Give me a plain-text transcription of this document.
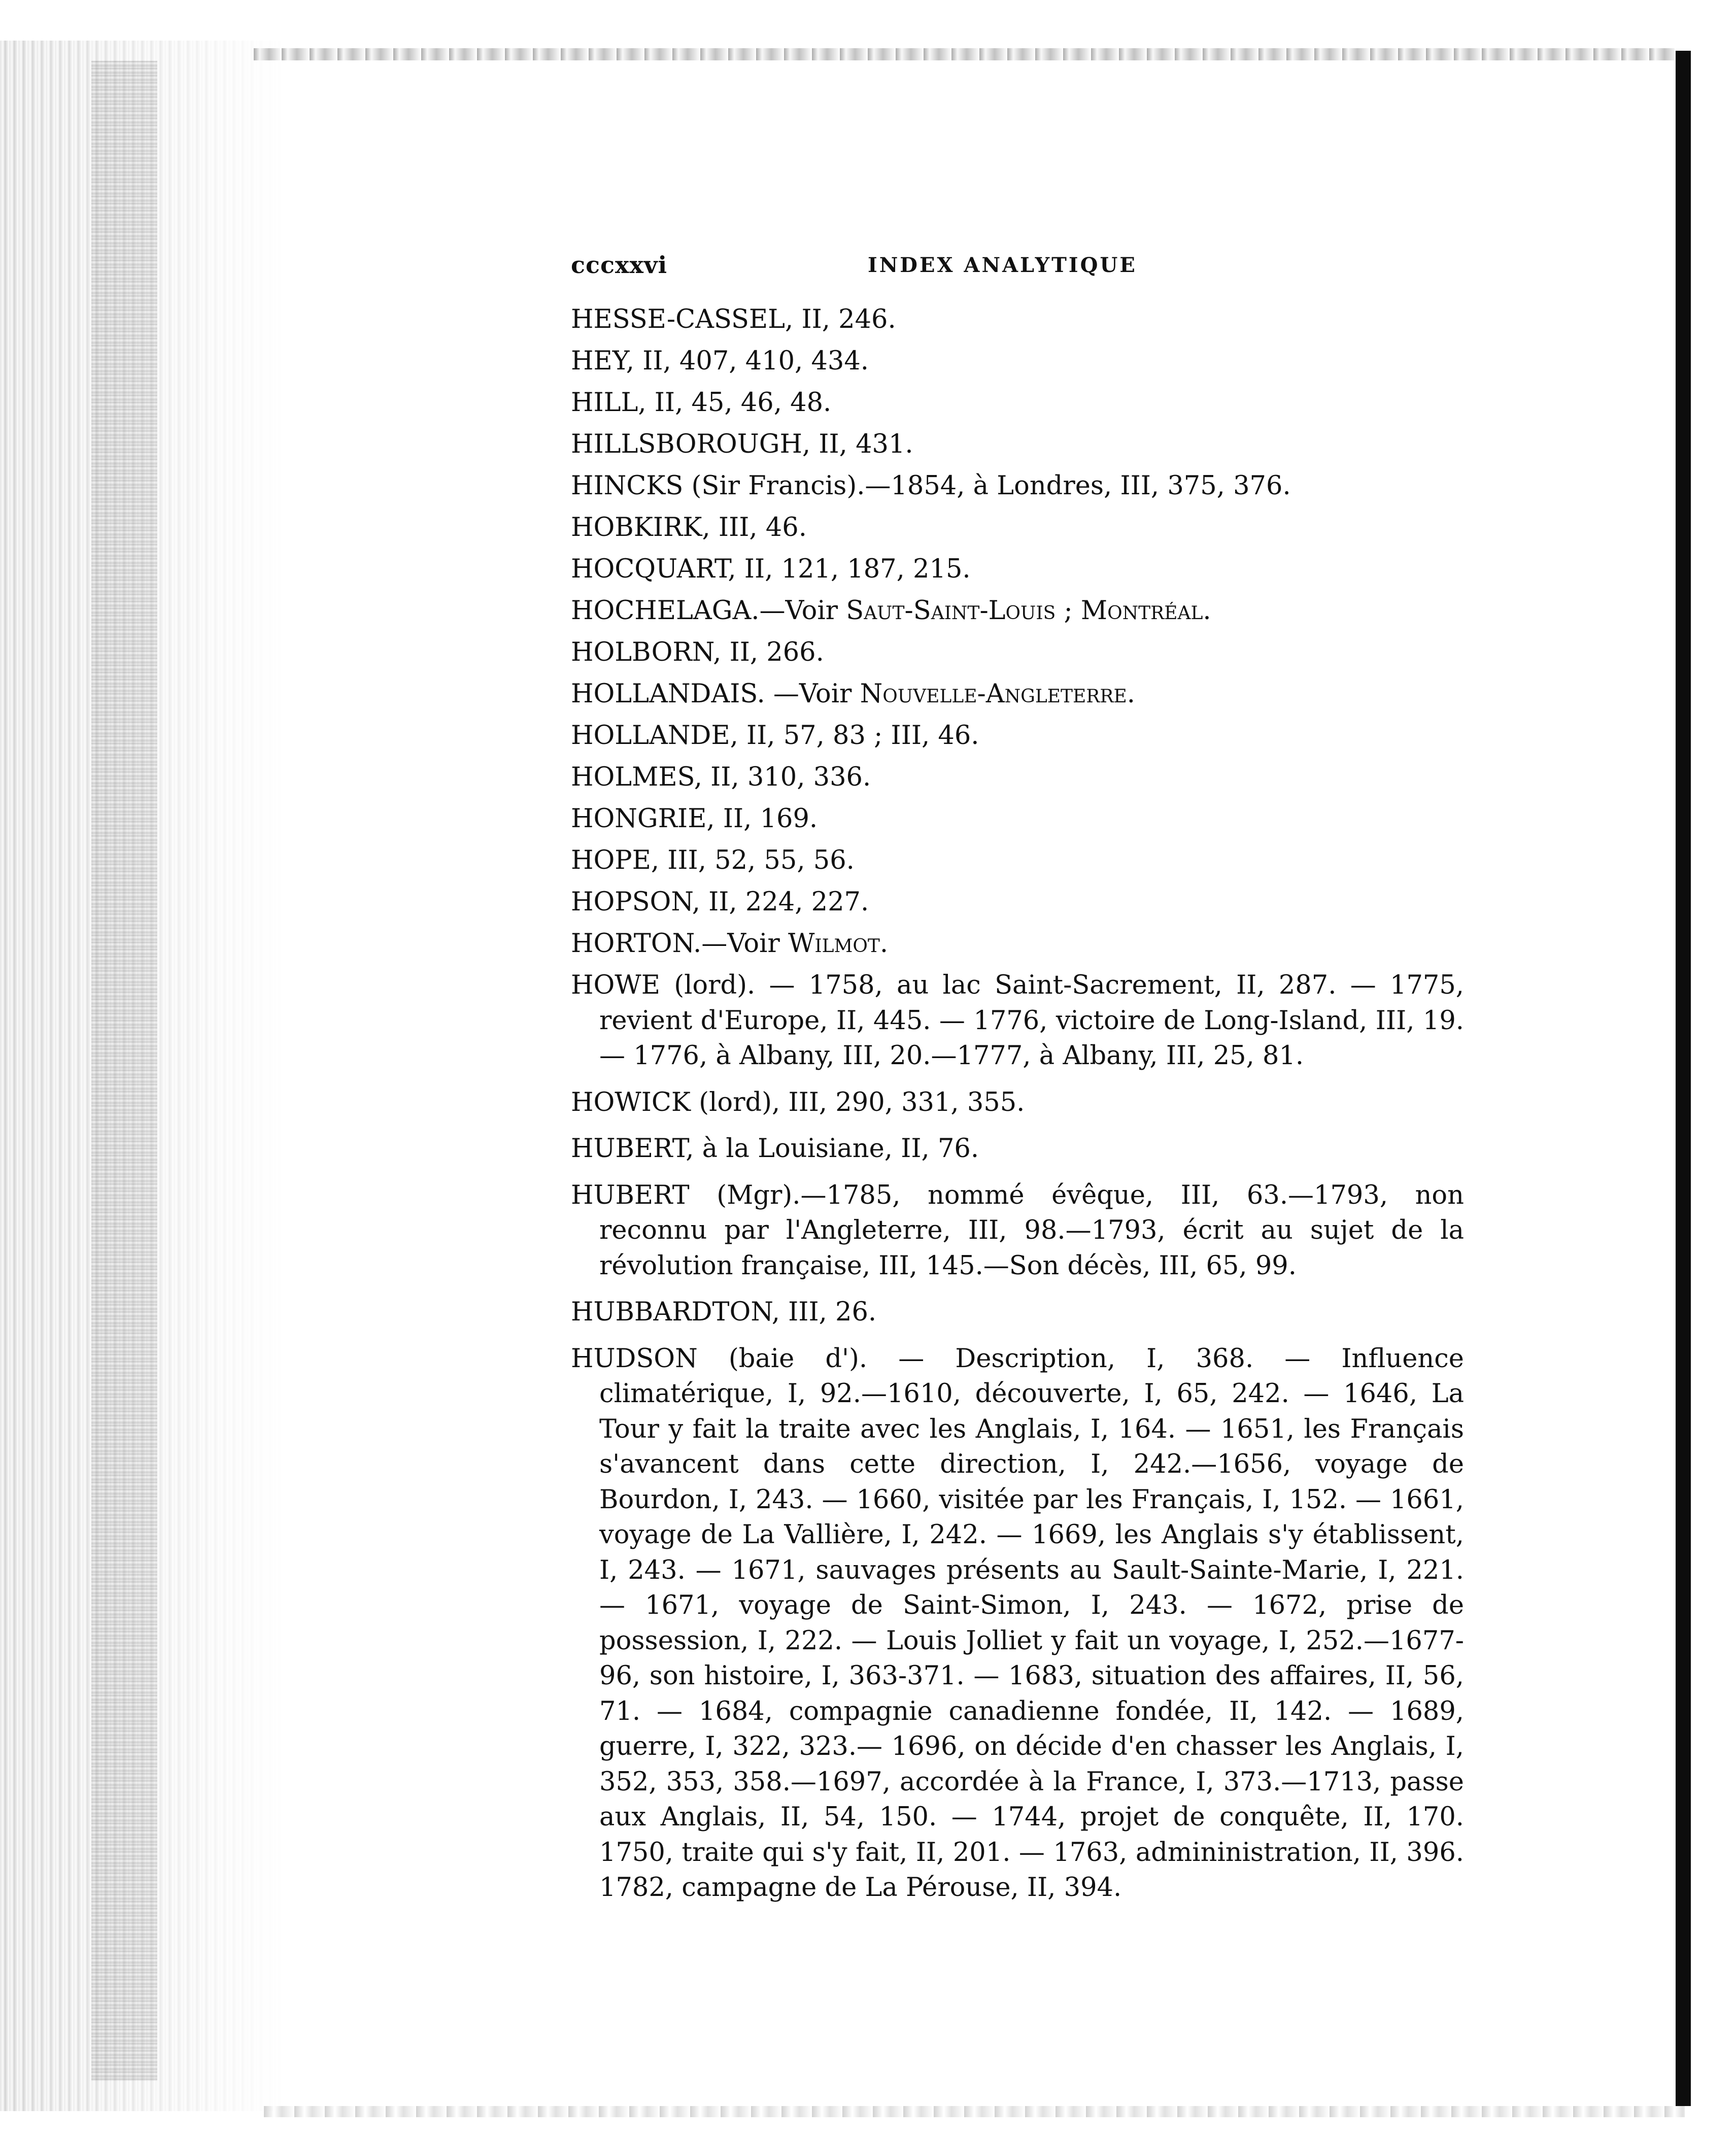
cccxxvi	INDEX ANALYTIQUE

HESSE-CASSEL, II, 246.

HEY, II, 407, 410, 434.

HILL, II, 45, 46, 48.

HILLSBOROUGH, II, 431.

HINCKS (Sir Francis).—1854, à Londres, III, 375, 376.

HOBKIRK, III, 46.

HOCQUART, II, 121, 187, 215.

HOCHELAGA.—Voir Saut-Saint-Louis ; Montréal.

HOLBORN, II, 266.

HOLLANDAIS. —Voir Nouvelle-Angleterre.

HOLLANDE, II, 57, 83 ; III, 46.

HOLMES, II, 310, 336.

HONGRIE, II, 169.

HOPE, III, 52, 55, 56.

HOPSON, II, 224, 227.

HORTON.—Voir Wilmot.

HOWE (lord). — 1758, au lac Saint-Sacrement, II, 287. — 1775, revient d'Europe, II, 445. — 1776, victoire de Long-Island, III, 19. — 1776, à Albany, III, 20.—1777, à Albany, III, 25, 81.

HOWICK (lord), III, 290, 331, 355.

HUBERT, à la Louisiane, II, 76.

HUBERT (Mgr).—1785, nommé évêque, III, 63.—1793, non reconnu par l'Angleterre, III, 98.—1793, écrit au sujet de la révolution française, III, 145.—Son décès, III, 65, 99.

HUBBARDTON, III, 26.

HUDSON (baie d'). — Description, I, 368. — Influence climatérique, I, 92.—1610, découverte, I, 65, 242. — 1646, La Tour y fait la traite avec les Anglais, I, 164. — 1651, les Français s'avancent dans cette direction, I, 242.—1656, voyage de Bourdon, I, 243. — 1660, visitée par les Français, I, 152. — 1661, voyage de La Vallière, I, 242. — 1669, les Anglais s'y établissent, I, 243. — 1671, sauvages présents au Sault-Sainte-Marie, I, 221. — 1671, voyage de Saint-Simon, I, 243. — 1672, prise de possession, I, 222. — Louis Jolliet y fait un voyage, I, 252.—1677-96, son histoire, I, 363-371. — 1683, situation des affaires, II, 56, 71. — 1684, compagnie canadienne fondée, II, 142. — 1689, guerre, I, 322, 323.— 1696, on décide d'en chasser les Anglais, I, 352, 353, 358.—1697, accordée à la France, I, 373.—1713, passe aux Anglais, II, 54, 150. — 1744, projet de conquête, II, 170. 1750, traite qui s'y fait, II, 201. — 1763, admininistration, II, 396. 1782, campagne de La Pérouse, II, 394.
